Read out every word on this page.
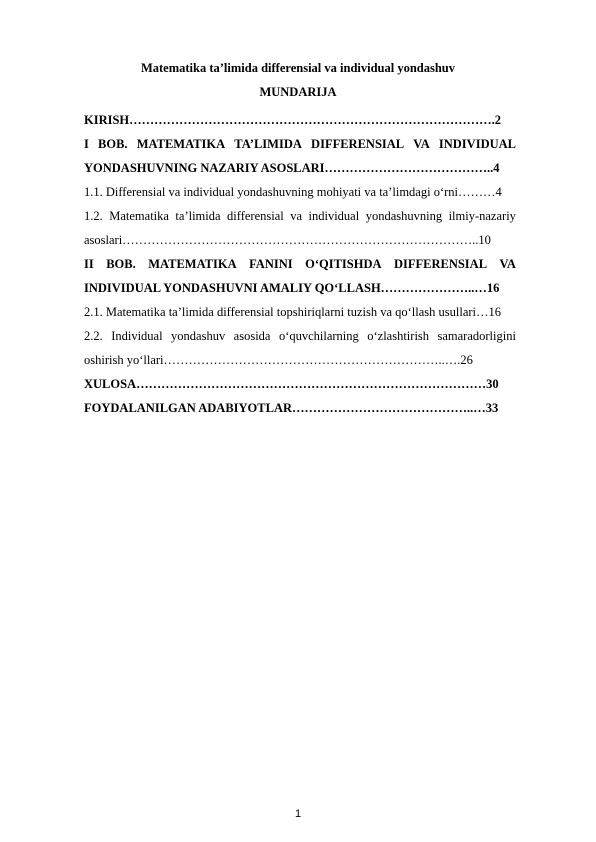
Matematika ta’limida differensial va individual yondashuv
MUNDARIJA
KIRISH…………………………………………………………………………….2
I BOB. MATEMATIKA TA’LIMIDA DIFFERENSIAL VA INDIVIDUAL
YONDASHUVNING NAZARIY ASOSLARI…………………………………..4
1.1. Differensial va individual yondashuvning mohiyati va ta’limdagi o‘rni………4
1.2. Matematika ta’limida differensial va individual yondashuvning ilmiy-nazariy
asoslari…………………………………………………………………………..10
II BOB. MATEMATIKA FANINI O‘QITISHDA DIFFERENSIAL VA
INDIVIDUAL YONDASHUVNI AMALIY QO‘LLASH…………………..…16
2.1. Matematika ta’limida differensial topshiriqlarni tuzish va qo‘llash usullari…16
2.2. Individual yondashuv asosida o‘quvchilarning o‘zlashtirish samaradorligini
oshirish yo‘llari…………………………………………………………..….26
XULOSA…………………………………………………………………………30
FOYDALANILGAN ADABIYOTLAR……………………………………..…33
1
